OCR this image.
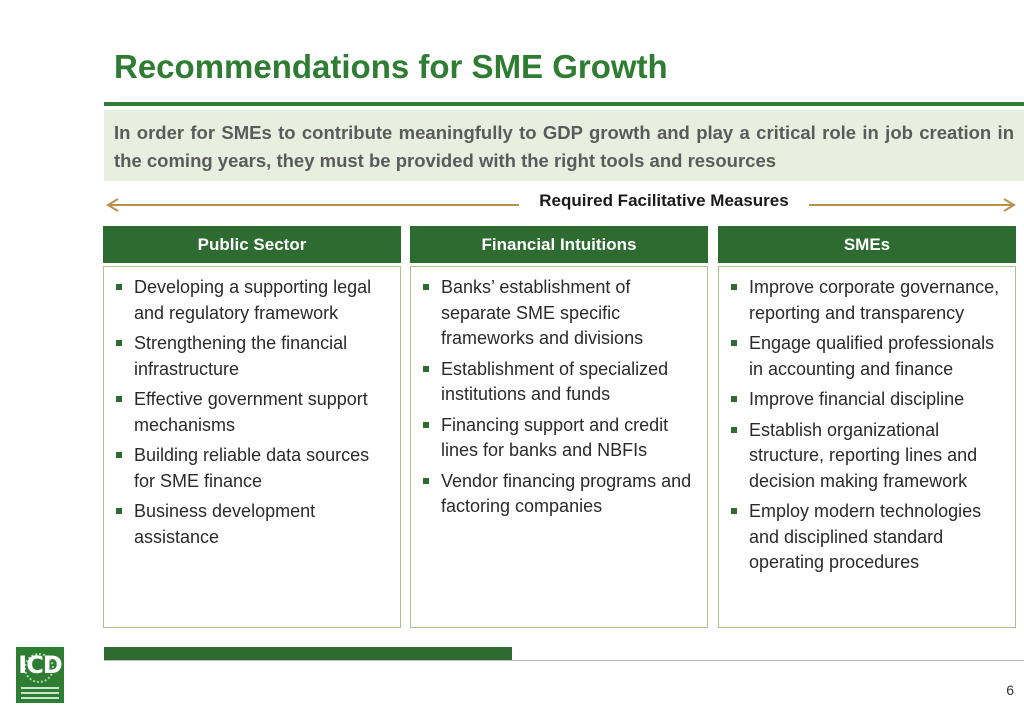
Recommendations for SME Growth
In order for SMEs to contribute meaningfully to GDP growth and play a critical role in job creation in the coming years, they must be provided with the right tools and resources
Required Facilitative Measures
Public Sector
Developing a supporting legal and regulatory framework
Strengthening the financial infrastructure
Effective government support mechanisms
Building reliable data sources for SME finance
Business development assistance
Financial Intuitions
Banks’ establishment of separate SME specific frameworks and divisions
Establishment of specialized institutions and funds
Financing support and credit lines for banks and NBFIs
Vendor financing programs and factoring companies
SMEs
Improve corporate governance, reporting and transparency
Engage qualified professionals in accounting and finance
Improve financial discipline
Establish organizational structure, reporting lines and decision making framework
Employ modern technologies and disciplined standard operating procedures
ICD
6
